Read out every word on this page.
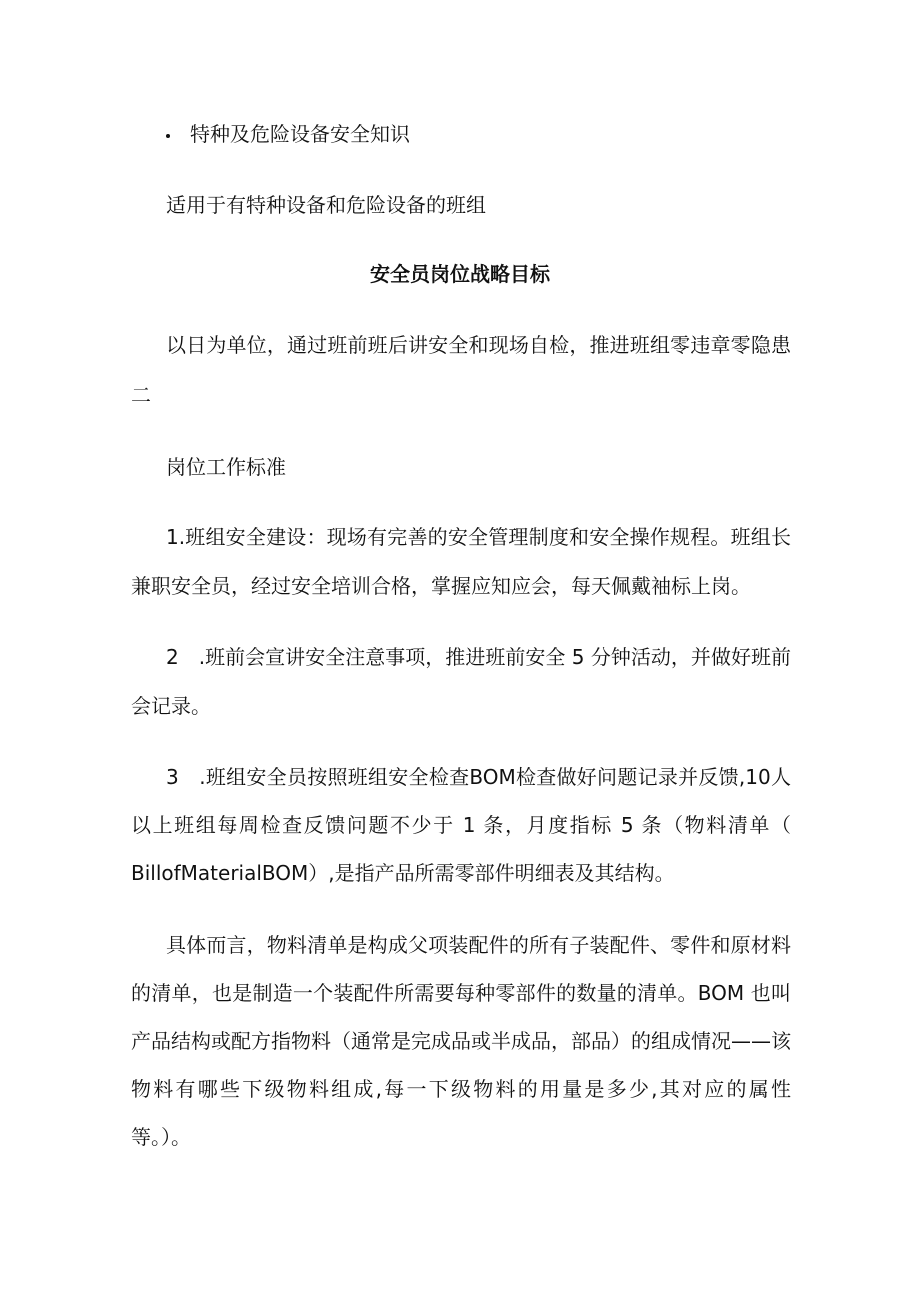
特种及危险设备安全知识
适用于有特种设备和危险设备的班组
安全员岗位战略目标
以日为单位，通过班前班后讲安全和现场自检，推进班组零违章零隐患
二
岗位工作标准
1.班组安全建设：现场有完善的安全管理制度和安全操作规程。班组长
兼职安全员，经过安全培训合格，掌握应知应会，每天佩戴袖标上岗。
2　.班前会宣讲安全注意事项，推进班前安全 5 分钟活动，并做好班前
会记录。
3　.班组安全员按照班组安全检查BOM检查做好问题记录并反馈,10人
以上班组每周检查反馈问题不少于 1 条，月度指标 5 条（物料清单（
BillofMaterialBOM）,是指产品所需零部件明细表及其结构。
具体而言，物料清单是构成父项装配件的所有子装配件、零件和原材料
的清单，也是制造一个装配件所需要每种零部件的数量的清单。BOM 也叫
产品结构或配方指物料（通常是完成品或半成品，部品）的组成情况——该
物料有哪些下级物料组成,每一下级物料的用量是多少,其对应的属性
等。）。
